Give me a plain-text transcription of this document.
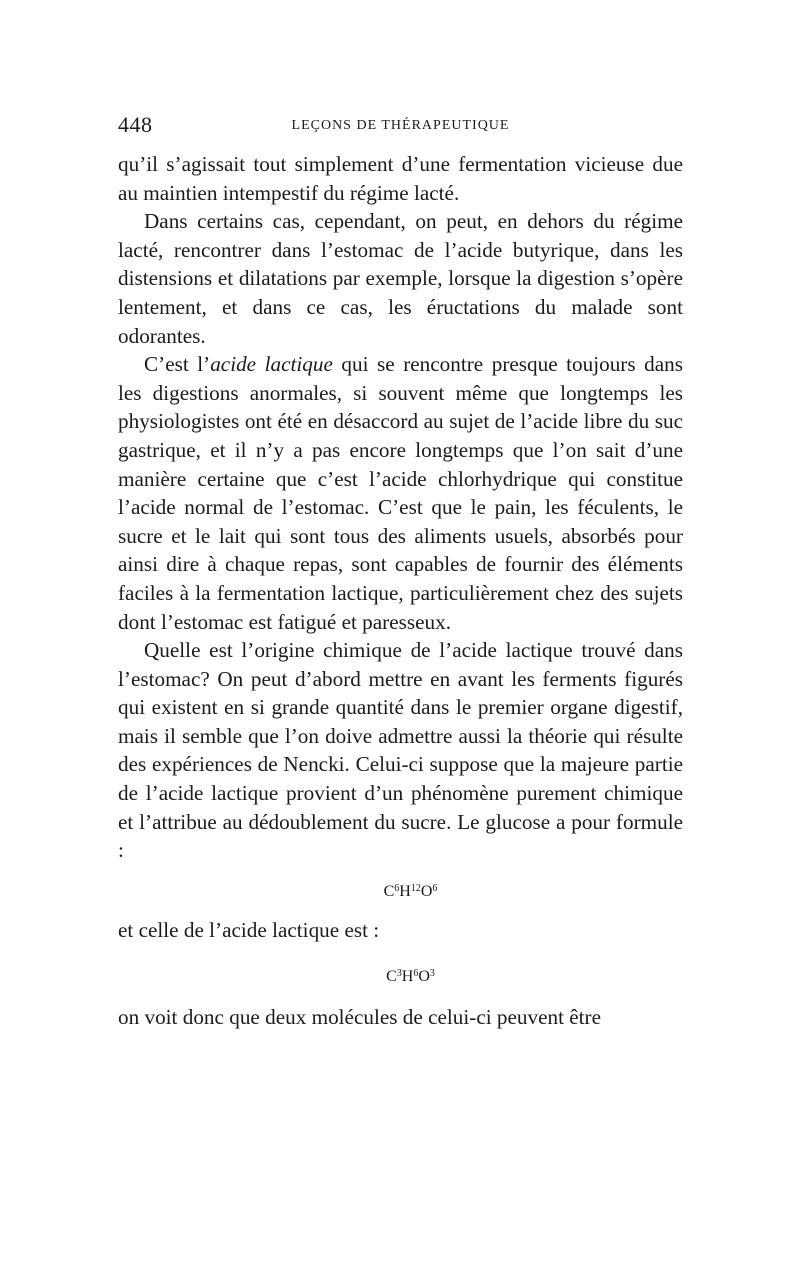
448	LEÇONS DE THÉRAPEUTIQUE

qu’il s’agissait tout simplement d’une fermentation vicieuse due au maintien intempestif du régime lacté.

Dans certains cas, cependant, on peut, en dehors du régime lacté, rencontrer dans l’estomac de l’acide butyrique, dans les distensions et dilatations par exemple, lorsque la digestion s’opère lentement, et dans ce cas, les éructations du malade sont odorantes.

C’est l’acide lactique qui se rencontre presque toujours dans les digestions anormales, si souvent même que longtemps les physiologistes ont été en désaccord au sujet de l’acide libre du suc gastrique, et il n’y a pas encore longtemps que l’on sait d’une manière certaine que c’est l’acide chlorhydrique qui constitue l’acide normal de l’estomac. C’est que le pain, les féculents, le sucre et le lait qui sont tous des aliments usuels, absorbés pour ainsi dire à chaque repas, sont capables de fournir des éléments faciles à la fermentation lactique, particulièrement chez des sujets dont l’estomac est fatigué et paresseux.

Quelle est l’origine chimique de l’acide lactique trouvé dans l’estomac? On peut d’abord mettre en avant les ferments figurés qui existent en si grande quantité dans le premier organe digestif, mais il semble que l’on doive admettre aussi la théorie qui résulte des expériences de Nencki. Celui-ci suppose que la majeure partie de l’acide lactique provient d’un phénomène purement chimique et l’attribue au dédoublement du sucre. Le glucose a pour formule :

$C^6H^{12}O^6$

et celle de l’acide lactique est :

$C^3H^6O^3$

on voit donc que deux molécules de celui-ci peuvent être
